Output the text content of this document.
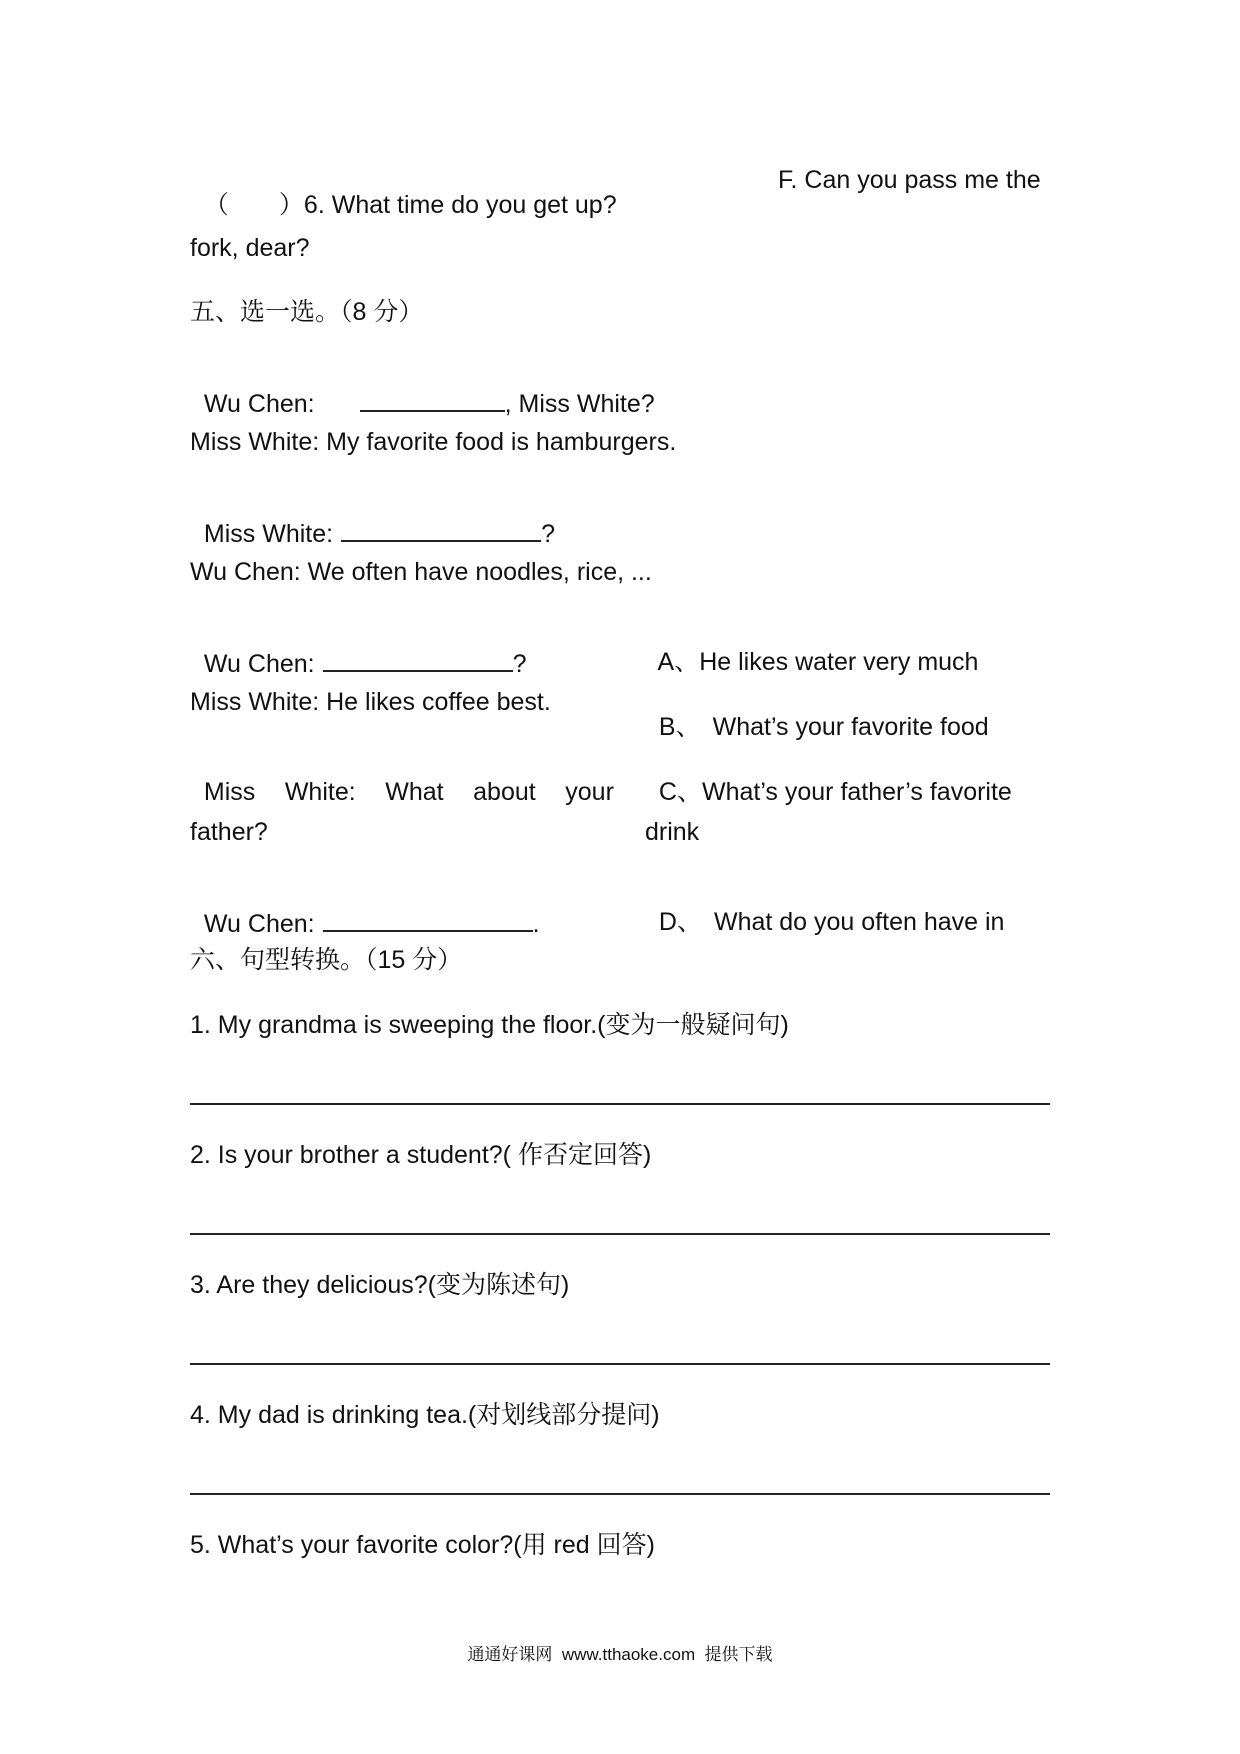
（　　）6. What time do you get up?

F. Can you pass me the
fork, dear?
五、选一选。（8 分）

Wu Chen:	, Miss White?

Miss White: My favorite food is hamburgers.

Miss White:	?

Wu Chen: We often have noodles, rice, ...

Wu Chen:	?

Miss White: He likes coffee best.

Miss White: What about your

father?

Wu Chen:	.

A、He likes water very much

B、 What’s your favorite food

C、What’s your father’s favorite

drink

D、 What do you often have in

六、句型转换。（15 分）
1. My grandma is sweeping the floor.(变为一般疑问句)
2. Is your brother a student?( 作否定回答)
3. Are they delicious?(变为陈述句)
4. My dad is drinking tea.(对划线部分提问)
5. What’s your favorite color?(用 red 回答)
通通好课网  www.tthaoke.com  提供下载
